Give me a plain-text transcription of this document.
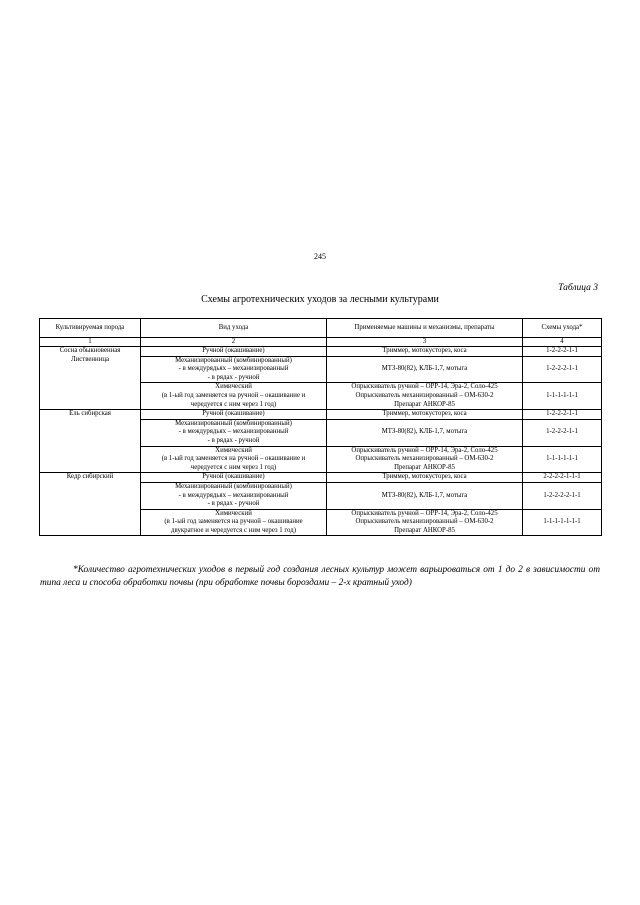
245
Таблица 3
Схемы агротехнических уходов за лесными культурами
Культивируемая порода	Вид ухода	Применяемые машины и механизмы, препараты	Схемы ухода*
1	2	3	4

Сосна обыкновенная
Лиственница	Ручной (окашивание)	Триммер, мотокусторез, коса	1-2-2-2-1-1

	Механизированный (комбинированный)
- в междурядьях – механизированный
- в рядах - ручной	МТЗ-80(82), КЛБ-1,7, мотыга	1-2-2-2-1-1

	Химический
(в 1-ый год заменяется на ручной – окашивание и
чередуется с ним через 1 год)	Опрыскиватель ручной – ОРР-14, Эра-2, Соло-425
Опрыскиватель механизированный – ОМ-630-2
Препарат АНКОР-85	1-1-1-1-1-1

Ель сибирская	Ручной (окашивание)	Триммер, мотокусторез, коса	1-2-2-2-1-1

	Механизированный (комбинированный)
- в междурядьях – механизированный
- в рядах - ручной	МТЗ-80(82), КЛБ-1,7, мотыга	1-2-2-2-1-1

	Химический
(в 1-ый год заменяется на ручной – окашивание и
чередуется с ним через 1 год)	Опрыскиватель ручной – ОРР-14, Эра-2, Соло-425
Опрыскиватель механизированный – ОМ-630-2
Препарат АНКОР-85	1-1-1-1-1-1

Кедр сибирский	Ручной (окашивание)	Триммер, мотокусторез, коса	2-2-2-2-1-1-1

	Механизированный (комбинированный)
- в междурядьях – механизированный
- в рядах - ручной	МТЗ-80(82), КЛБ-1,7, мотыга	1-2-2-2-2-1-1

	Химический
(в 1-ый год заменяется на ручной – окашивание
двукратное и чередуется с ним через 1 год)	Опрыскиватель ручной – ОРР-14, Эра-2, Соло-425
Опрыскиватель механизированный – ОМ-630-2
Препарат АНКОР-85	1-1-1-1-1-1-1
*Количество агротехнических уходов в первый год создания лесных культур может варьироваться от 1 до 2 в зависимости от типа леса и способа обработки почвы (при обработке почвы бороздами – 2-х кратный уход)
